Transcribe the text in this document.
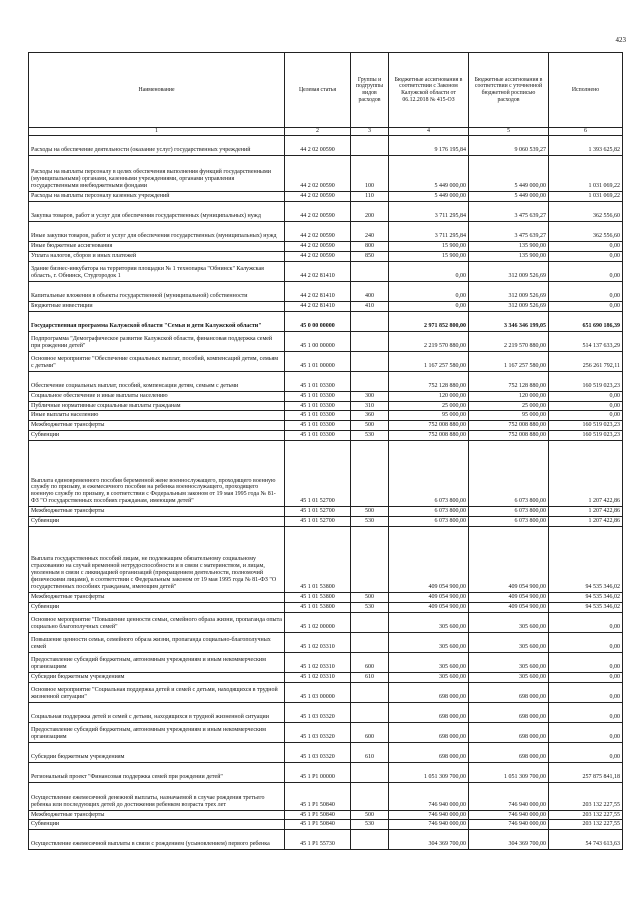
423
Наименование	Целевая статья	Группы и подгруппы видов расходов	Бюджетные ассигнования в соответствии с Законом Калужской области от 06.12.2018 № 415-ОЗ	Бюджетные ассигнования в соответствии с уточненной бюджетной росписью расходов	Исполнено
1	2	3	4	5	6
Расходы на обеспечение деятельности (оказание услуг) государственных учреждений	44 2 02 00590		9 176 195,84	9 060 539,27	1 393 625,82
Расходы на выплаты персоналу в целях обеспечения выполнения функций государственными (муниципальными) органами, казенными учреждениями, органами управления государственными внебюджетными фондами	44 2 02 00590	100	5 449 000,00	5 449 000,00	1 031 069,22
Расходы на выплаты персоналу казенных учреждений	44 2 02 00590	110	5 449 000,00	5 449 000,00	1 031 069,22
Закупка товаров, работ и услуг для обеспечения государственных (муниципальных) нужд	44 2 02 00590	200	3 711 295,84	3 475 639,27	362 556,60
Иные закупки товаров, работ и услуг для обеспечения государственных (муниципальных) нужд	44 2 02 00590	240	3 711 295,84	3 475 639,27	362 556,60
Иные бюджетные ассигнования	44 2 02 00590	800	15 900,00	135 900,00	0,00
Уплата налогов, сборов и иных платежей	44 2 02 00590	850	15 900,00	135 900,00	0,00
Здание бизнес-инкубатора на территории площадки № 1 технопарка "Обнинск" Калужская область, г. Обнинск, Студгородок 1	44 2 02 81410		0,00	312 009 526,69	0,00
Капитальные вложения в объекты государственной (муниципальной) собственности	44 2 02 81410	400	0,00	312 009 526,69	0,00
Бюджетные инвестиции	44 2 02 81410	410	0,00	312 009 526,69	0,00
Государственная программа Калужской области "Семья и дети Калужской области"	45 0 00 00000		2 971 852 800,00	3 346 346 199,05	651 690 186,39
Подпрограмма "Демографическое развитие Калужской области, финансовая поддержка семей при рождении детей"	45 1 00 00000		2 219 570 880,00	2 219 570 880,00	514 137 633,29
Основное мероприятие "Обеспечение социальных выплат, пособий, компенсаций детям, семьям с детьми"	45 1 01 00000		1 167 257 580,00	1 167 257 580,00	256 261 792,11
Обеспечение социальных выплат, пособий, компенсации детям, семьям с детьми	45 1 01 03300		752 128 880,00	752 128 880,00	160 519 023,23
Социальное обеспечение и иные выплаты населению	45 1 01 03300	300	120 000,00	120 000,00	0,00
Публичные нормативные социальные выплаты гражданам	45 1 01 03300	310	25 000,00	25 000,00	0,00
Иные выплаты населению	45 1 01 03300	360	95 000,00	95 000,00	0,00
Межбюджетные трансферты	45 1 01 03300	500	752 008 880,00	752 008 880,00	160 519 023,23
Субвенции	45 1 01 03300	530	752 008 880,00	752 008 880,00	160 519 023,23
Выплата единовременного пособия беременной жене военнослужащего, проходящего военную службу по призыву, и ежемесячного пособия на ребенка военнослужащего, проходящего военную службу по призыву, в соответствии с Федеральным законом от 19 мая 1995 года № 81-ФЗ "О государственных пособиях гражданам, имеющим детей"	45 1 01 52700		6 073 800,00	6 073 800,00	1 207 422,86
Межбюджетные трансферты	45 1 01 52700	500	6 073 800,00	6 073 800,00	1 207 422,86
Субвенции	45 1 01 52700	530	6 073 800,00	6 073 800,00	1 207 422,86
Выплата государственных пособий лицам, не подлежащим обязательному социальному страхованию на случай временной нетрудоспособности и в связи с материнством, и лицам, уволенным в связи с ликвидацией организаций (прекращением деятельности, полномочий физическими лицами), в соответствии с Федеральным законом от 19 мая 1995 года № 81-ФЗ "О государственных пособиях гражданам, имеющим детей"	45 1 01 53800		409 054 900,00	409 054 900,00	94 535 346,02
Межбюджетные трансферты	45 1 01 53800	500	409 054 900,00	409 054 900,00	94 535 346,02
Субвенции	45 1 01 53800	530	409 054 900,00	409 054 900,00	94 535 346,02
Основное мероприятие "Повышение ценности семьи, семейного образа жизни, пропаганда опыта социально благополучных семей"	45 1 02 00000		305 600,00	305 600,00	0,00
Повышение ценности семьи, семейного образа жизни, пропаганда социально-благополучных семей	45 1 02 03310		305 600,00	305 600,00	0,00
Предоставление субсидий бюджетным, автономным учреждениям и иным некоммерческим организациям	45 1 02 03310	600	305 600,00	305 600,00	0,00
Субсидии бюджетным учреждениям	45 1 02 03310	610	305 600,00	305 600,00	0,00
Основное мероприятие "Социальная поддержка детей и семей с детьми, находящихся в трудной жизненной ситуации"	45 1 03 00000		698 000,00	698 000,00	0,00
Социальная поддержка детей и семей с детьми, находящихся в трудной жизненной ситуации	45 1 03 03320		698 000,00	698 000,00	0,00
Предоставление субсидий бюджетным, автономным учреждениям и иным некоммерческим организациям	45 1 03 03320	600	698 000,00	698 000,00	0,00
Субсидии бюджетным учреждениям	45 1 03 03320	610	698 000,00	698 000,00	0,00
Региональный проект "Финансовая поддержка семей при рождении детей"	45 1 P1 00000		1 051 309 700,00	1 051 309 700,00	257 875 841,18
Осуществление ежемесячной денежной выплаты, назначаемой в случае рождения третьего ребенка или последующих детей до достижения ребенком возраста трех лет	45 1 P1 50840		746 940 000,00	746 940 000,00	203 132 227,55
Межбюджетные трансферты	45 1 P1 50840	500	746 940 000,00	746 940 000,00	203 132 227,55
Субвенции	45 1 P1 50840	530	746 940 000,00	746 940 000,00	203 132 227,55
Осуществление ежемесячной выплаты в связи с рождением (усыновлением) первого ребенка	45 1 P1 55730		304 369 700,00	304 369 700,00	54 743 613,63
